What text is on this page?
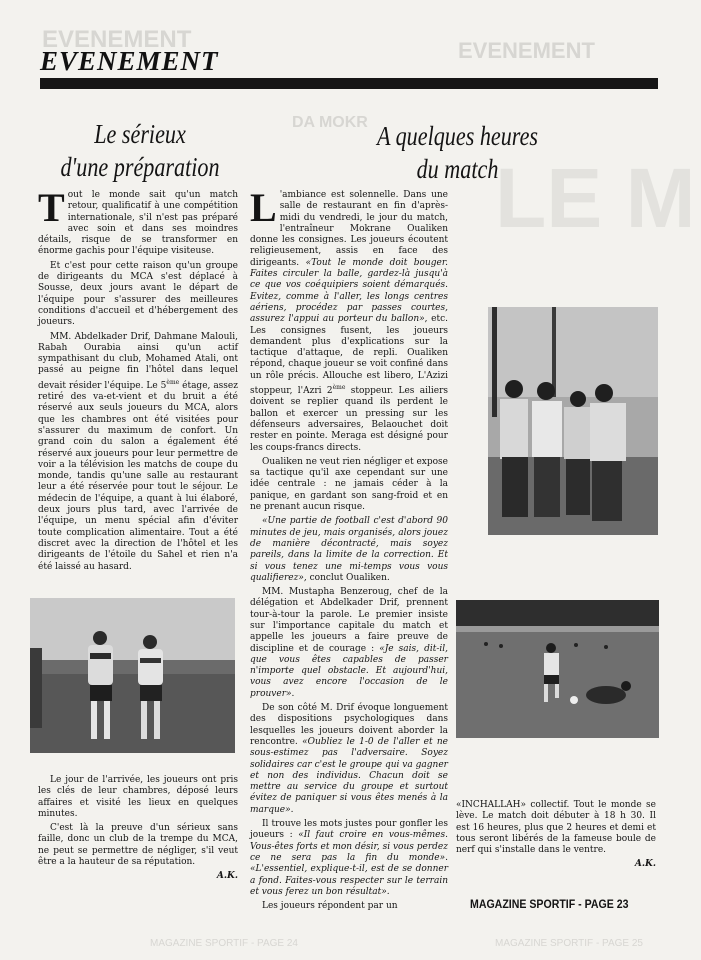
EVENEMENT	EVENEMENT
DA MOKR
LE M
MAGAZINE SPORTIF - PAGE 24	MAGAZINE SPORTIF - PAGE 25
EVENEMENT
Le sérieux
d'une préparation
A quelques heures
du match

Tout le monde sait qu'un match retour, qualificatif à une compétition internationale, s'il n'est pas préparé avec soin et dans ses moindres détails, risque de se transformer en énorme gachis pour l'équipe visiteuse.

Et c'est pour cette raison qu'un groupe de dirigeants du MCA s'est déplacé à Sousse, deux jours avant le départ de l'équipe pour s'assurer des meilleures conditions d'accueil et d'hébergement des joueurs.

MM. Abdelkader Drif, Dahmane Malouli, Rabah Ourabia ainsi qu'un actif sympathisant du club, Mohamed Atali, ont passé au peigne fin l'hôtel dans lequel devait résider l'équipe. Le 5ème étage, assez retiré des va-et-vient et du bruit a été réservé aux seuls joueurs du MCA, alors que les chambres ont été visitées pour s'assurer du maximum de confort. Un grand coin du salon a également été réservé aux joueurs pour leur permettre de voir a la télévision les matchs de coupe du monde, tandis qu'une salle au restaurant leur a été réservée pour tout le séjour. Le médecin de l'équipe, a quant à lui élaboré, deux jours plus tard, avec l'arrivée de l'équipe, un menu spécial afin d'éviter toute complication alimentaire. Tout a été discret avec la direction de l'hôtel et les dirigeants de l'étoile du Sahel et rien n'a été laissé au hasard.

Le jour de l'arrivée, les joueurs ont pris les clés de leur chambres, déposé leurs affaires et visité les lieux en quelques minutes.

C'est là la preuve d'un sérieux sans faille, donc un club de la trempe du MCA, ne peut se permettre de négliger, s'il veut être a la hauteur de sa réputation.

A.K.

L 'ambiance est solennelle. Dans une salle de restaurant en fin d'après-midi du vendredi, le jour du match, l'entraîneur Mokrane Oualiken donne les consignes. Les joueurs écoutent religieusement, assis en face des dirigeants. «Tout le monde doit bouger. Faites circuler la balle, gardez-là jusqu'à ce que vos coéquipiers soient démarqués. Evitez, comme à l'aller, les longs centres aériens, procédez par passes courtes, assurez l'appui au porteur du ballon», etc. Les consignes fusent, les joueurs demandent plus d'explications sur la tactique d'attaque, de repli. Oualiken répond, chaque joueur se voit confiné dans un rôle précis. Allouche est libero, L'Azizi stoppeur, l'Azri 2ème stoppeur. Les ailiers doivent se replier quand ils perdent le ballon et exercer un pressing sur les défenseurs adversaires, Belaouchet doit rester en pointe. Meraga est désigné pour les coups-francs directs.

Oualiken ne veut rien négliger et expose sa tactique qu'il axe cependant sur une idée centrale : ne jamais céder à la panique, en gardant son sang-froid et en ne prenant aucun risque.

«Une partie de football c'est d'abord 90 minutes de jeu, mais organisés, alors jouez de manière décontracté, mais soyez pareils, dans la limite de la correction. Et si vous tenez une mi-temps vous vous qualifierez», conclut Oualiken.

MM. Mustapha Benzeroug, chef de la délégation et Abdelkader Drif, prennent tour-à-tour la parole. Le premier insiste sur l'importance capitale du match et appelle les joueurs a faire preuve de discipline et de courage : «Je sais, dit-il, que vous êtes capables de passer n'importe quel obstacle. Et aujourd'hui, vous avez encore l'occasion de le prouver».

De son côté M. Drif évoque longuement des dispositions psychologiques dans lesquelles les joueurs doivent aborder la rencontre. «Oubliez le 1-0 de l'aller et ne sous-estimez pas l'adversaire. Soyez solidaires car c'est le groupe qui va gagner et non des individus. Chacun doit se mettre au service du groupe et surtout évitez de paniquer si vous êtes menés à la marque».

Il trouve les mots justes pour gonfler les joueurs : «Il faut croire en vous-mêmes. Vous-êtes forts et mon désir, si vous perdez ce ne sera pas la fin du monde». «L'essentiel, explique-t-il, est de se donner a fond. Faites-vous respecter sur le terrain et vous ferez un bon résultat».

Les joueurs répondent par un

«INCHALLAH» collectif. Tout le monde se lève. Le match doit débuter à 18 h 30. Il est 16 heures, plus que 2 heures et demi et tous seront libérés de la fameuse boule de nerf qui s'installe dans le ventre.

A.K.

MAGAZINE SPORTIF - PAGE 23
